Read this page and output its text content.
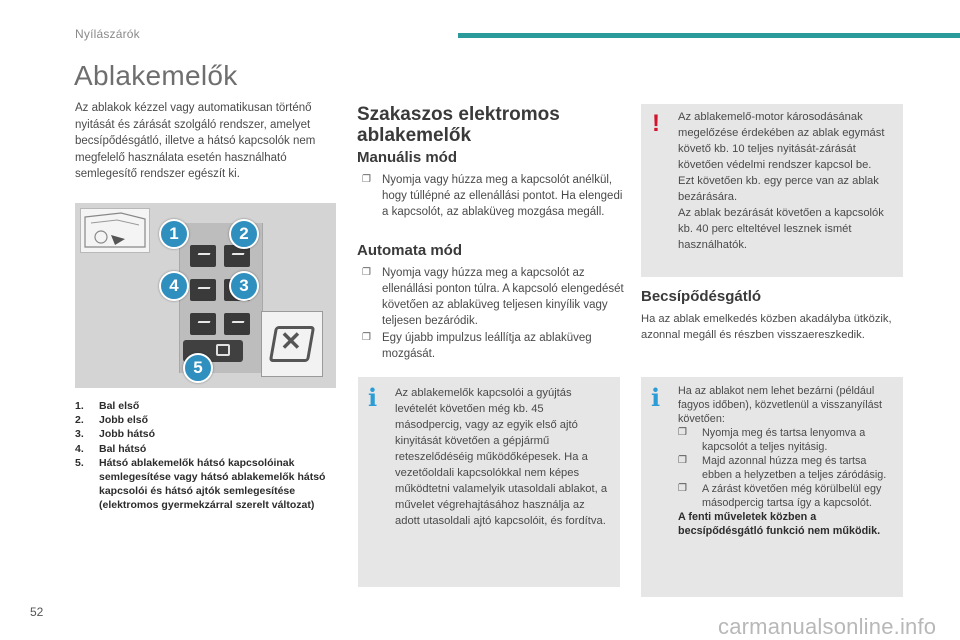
Nyílászárók
Ablakemelők

Az ablakok kézzel vagy automatikusan történő nyitását és zárását szolgáló rendszer, amelyet becsípődésgátló, illetve a hátsó kapcsolók nem megfelelő használata esetén használható semlegesítő rendszer egészít ki.

✕
1	2
3
4
5
1.	Bal első
2.	Jobb első
3.	Jobb hátsó
4.	Bal hátsó
5.	Hátsó ablakemelők hátsó kapcsolóinak semlegesítése vagy hátsó ablakemelők hátsó kapcsolói és hátsó ajtók semlegesítése (elektromos gyermekzárral szerelt változat)
Szakaszos elektromos ablakemelők
Manuális mód
❐ Nyomja vagy húzza meg a kapcsolót anélkül, hogy túllépné az ellenállási pontot. Ha elengedi a kapcsolót, az ablaküveg mozgása megáll.
Automata mód
❐ Nyomja vagy húzza meg a kapcsolót az ellenállási ponton túlra. A kapcsoló elengedését követően az ablaküveg teljesen kinyílik vagy teljesen bezáródik.
❐ Egy újabb impulzus leállítja az ablaküveg mozgását.
i Az ablakemelők kapcsolói a gyújtás levételét követően még kb. 45 másodpercig, vagy az egyik első ajtó kinyitását követően a gépjármű reteszelődéséig működőképesek. Ha a vezetőoldali kapcsolókkal nem képes működtetni valamelyik utasoldali ablakot, a művelet végrehajtásához használja az adott utasoldali ajtó kapcsolóit, és fordítva.

! Az ablakemelő-motor károsodásának megelőzése érdekében az ablak egymást követő kb. 10 teljes nyitását-zárását követően védelmi rendszer kapcsol be.

Ezt követően kb. egy perce van az ablak bezárására.

Az ablak bezárását követően a kapcsolók kb. 40 perc elteltével lesznek ismét használhatók.

Becsípődésgátló

Ha az ablak emelkedés közben akadályba ütközik, azonnal megáll és részben visszaereszkedik.

i Ha az ablakot nem lehet bezárni (például fagyos időben), közvetlenül a visszanyílást követően:

❐	Nyomja meg és tartsa lenyomva a kapcsolót a teljes nyitásig.
❐	Majd azonnal húzza meg és tartsa ebben a helyzetben a teljes záródásig.
❐	A zárást követően még körülbelül egy másodpercig tartsa így a kapcsolót.

A fenti műveletek közben a becsípődésgátló funkció nem működik.

52
carmanualsonline.info
